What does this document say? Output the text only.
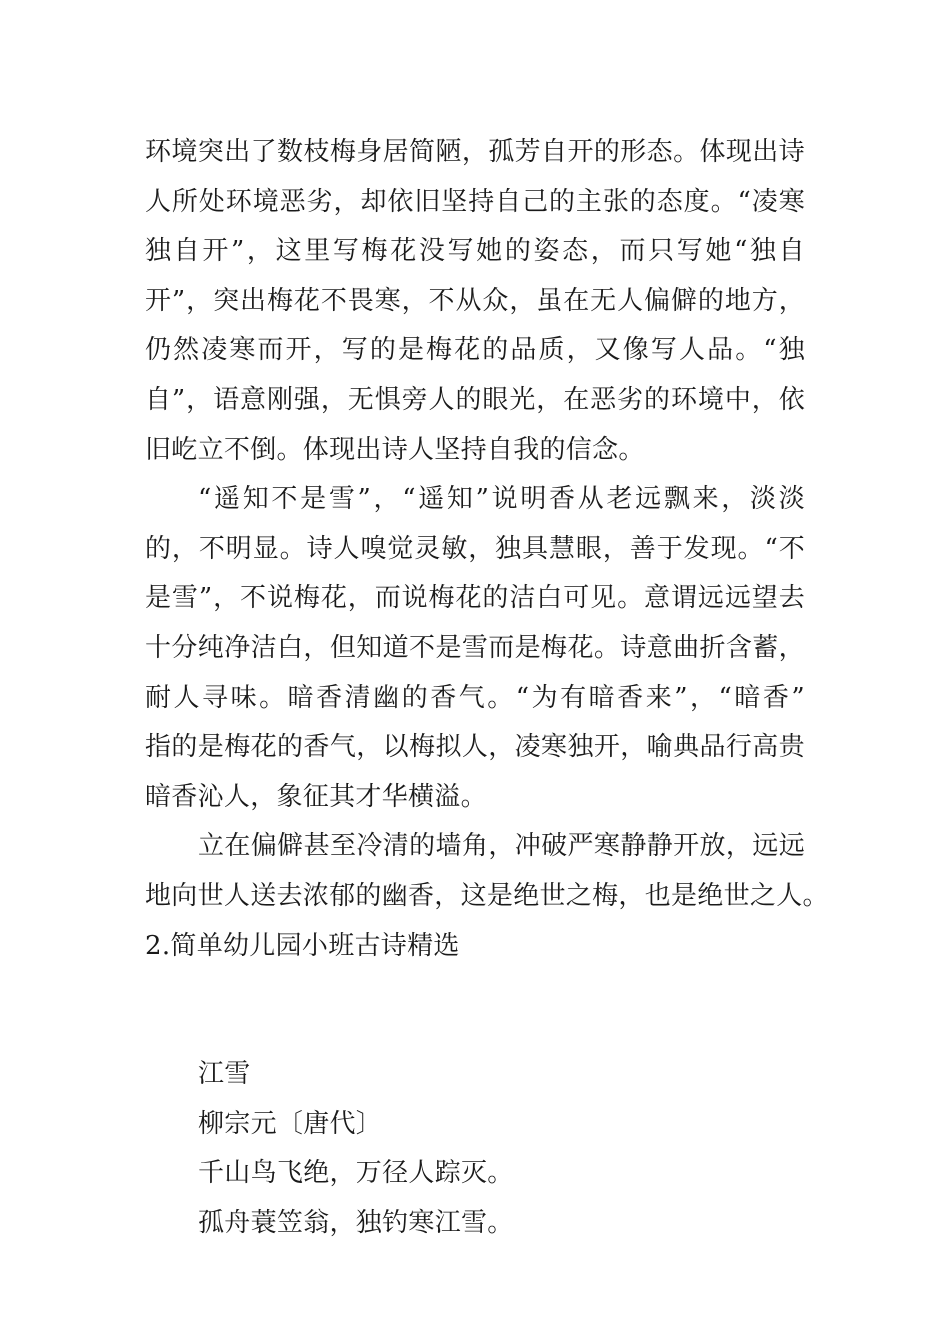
环境突出了数枝梅身居简陋，孤芳自开的形态。体现出诗
人所处环境恶劣，却依旧坚持自己的主张的态度。“凌寒
独自开”，这里写梅花没写她的姿态，而只写她“独自
开”，突出梅花不畏寒，不从众，虽在无人偏僻的地方，
仍然凌寒而开，写的是梅花的品质，又像写人品。“独
自”，语意刚强，无惧旁人的眼光，在恶劣的环境中，依
旧屹立不倒。体现出诗人坚持自我的信念。
“遥知不是雪”，“遥知”说明香从老远飘来，淡淡
的，不明显。诗人嗅觉灵敏，独具慧眼，善于发现。“不
是雪”，不说梅花，而说梅花的洁白可见。意谓远远望去
十分纯净洁白，但知道不是雪而是梅花。诗意曲折含蓄，
耐人寻味。暗香清幽的香气。“为有暗香来”，“暗香”
指的是梅花的香气，以梅拟人，凌寒独开，喻典品行高贵
暗香沁人，象征其才华横溢。
立在偏僻甚至冷清的墙角，冲破严寒静静开放，远远
地向世人送去浓郁的幽香，这是绝世之梅，也是绝世之人。
2.简单幼儿园小班古诗精选
江雪
柳宗元〔唐代〕
千山鸟飞绝，万径人踪灭。
孤舟蓑笠翁，独钓寒江雪。
